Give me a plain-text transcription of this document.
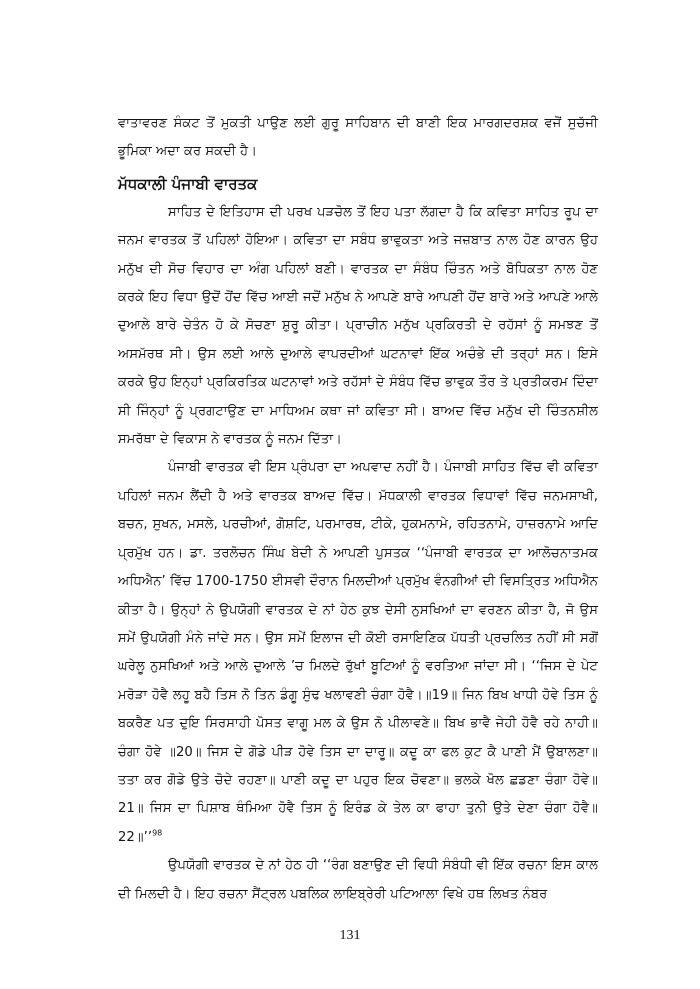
ਵਾਤਾਵਰਣ ਸੰਕਟ ਤੋਂ ਮੁਕਤੀ ਪਾਉਣ ਲਈ ਗੁਰੂ ਸਾਹਿਬਾਨ ਦੀ ਬਾਣੀ ਇਕ ਮਾਰਗਦਰਸ਼ਕ ਵਜੋਂ ਸੁਚੱਜੀ ਭੂਮਿਕਾ ਅਦਾ ਕਰ ਸਕਦੀ ਹੈ।

ਮੱਧਕਾਲੀ ਪੰਜਾਬੀ ਵਾਰਤਕ

ਸਾਹਿਤ ਦੇ ਇਤਿਹਾਸ ਦੀ ਪਰਖ ਪੜਚੋਲ ਤੋਂ ਇਹ ਪਤਾ ਲੱਗਦਾ ਹੈ ਕਿ ਕਵਿਤਾ ਸਾਹਿਤ ਰੂਪ ਦਾ ਜਨਮ ਵਾਰਤਕ ਤੋਂ ਪਹਿਲਾਂ ਹੋਇਆ। ਕਵਿਤਾ ਦਾ ਸਬੰਧ ਭਾਵੁਕਤਾ ਅਤੇ ਜਜ਼ਬਾਤ ਨਾਲ ਹੋਣ ਕਾਰਨ ਉਹ ਮਨੁੱਖ ਦੀ ਸੋਚ ਵਿਹਾਰ ਦਾ ਅੰਗ ਪਹਿਲਾਂ ਬਣੀ। ਵਾਰਤਕ ਦਾ ਸੰਬੰਧ ਚਿੰਤਨ ਅਤੇ ਬੋਧਿਕਤਾ ਨਾਲ ਹੋਣ ਕਰਕੇ ਇਹ ਵਿਧਾ ਉਦੋਂ ਹੋਂਦ ਵਿੱਚ ਆਈ ਜਦੋਂ ਮਨੁੱਖ ਨੇ ਆਪਣੇ ਬਾਰੇ ਆਪਣੀ ਹੋਂਦ ਬਾਰੇ ਅਤੇ ਆਪਣੇ ਆਲੇ ਦੁਆਲੇ ਬਾਰੇ ਚੇਤੰਨ ਹੋ ਕੇ ਸੋਚਣਾ ਸ਼ੁਰੂ ਕੀਤਾ। ਪ੍ਰਾਚੀਨ ਮਨੁੱਖ ਪ੍ਰਕਿਰਤੀ ਦੇ ਰਹੱਸਾਂ ਨੂੰ ਸਮਝਣ ਤੋਂ ਅਸਮੱਰਥ ਸੀ। ਉਸ ਲਈ ਆਲੇ ਦੁਆਲੇ ਵਾਪਰਦੀਆਂ ਘਟਨਾਵਾਂ ਇੱਕ ਅਚੰਭੇ ਦੀ ਤਰ੍ਹਾਂ ਸਨ। ਇਸੇ ਕਰਕੇ ਉਹ ਇਨ੍ਹਾਂ ਪ੍ਰਕਿਰਤਿਕ ਘਟਨਾਵਾਂ ਅਤੇ ਰਹੱਸਾਂ ਦੇ ਸੰਬੰਧ ਵਿੱਚ ਭਾਵੁਕ ਤੌਰ ਤੇ ਪ੍ਰਤੀਕਰਮ ਦਿੰਦਾ ਸੀ ਜਿੰਨ੍ਹਾਂ ਨੂੰ ਪ੍ਰਗਟਾਉਣ ਦਾ ਮਾਧਿਅਮ ਕਥਾ ਜਾਂ ਕਵਿਤਾ ਸੀ। ਬਾਅਦ ਵਿੱਚ ਮਨੁੱਖ ਦੀ ਚਿੰਤਨਸ਼ੀਲ ਸਮਰੱਥਾ ਦੇ ਵਿਕਾਸ ਨੇ ਵਾਰਤਕ ਨੂੰ ਜਨਮ ਦਿੱਤਾ।

ਪੰਜਾਬੀ ਵਾਰਤਕ ਵੀ ਇਸ ਪ੍ਰੰਪਰਾ ਦਾ ਅਪਵਾਦ ਨਹੀਂ ਹੈ। ਪੰਜਾਬੀ ਸਾਹਿਤ ਵਿੱਚ ਵੀ ਕਵਿਤਾ ਪਹਿਲਾਂ ਜਨਮ ਲੈਂਦੀ ਹੈ ਅਤੇ ਵਾਰਤਕ ਬਾਅਦ ਵਿੱਚ। ਮੱਧਕਾਲੀ ਵਾਰਤਕ ਵਿਧਾਵਾਂ ਵਿੱਚ ਜਨਮਸਾਖੀ, ਬਚਨ, ਸੁਖਨ, ਮਸਲੇ, ਪਰਚੀਆਂ, ਗੋਸ਼ਟਿ, ਪਰਮਾਰਥ, ਟੀਕੇ, ਹੁਕਮਨਾਮੇ, ਰਹਿਤਨਾਮੇ, ਹਾਜ਼ਰਨਾਮੇ ਆਦਿ ਪ੍ਰਮੁੱਖ ਹਨ। ਡਾ. ਤਰਲੋਚਨ ਸਿੰਘ ਬੇਦੀ ਨੇ ਆਪਣੀ ਪੁਸਤਕ ‘‘ਪੰਜਾਬੀ ਵਾਰਤਕ ਦਾ ਆਲੋਚਨਾਤਮਕ ਅਧਿਐਨ’ ਵਿੱਚ 1700-1750 ਈਸਵੀ ਦੌਰਾਨ ਮਿਲਦੀਆਂ ਪ੍ਰਮੁੱਖ ਵੰਨਗੀਆਂ ਦੀ ਵਿਸਤ੍ਰਿਤ ਅਧਿਐਨ ਕੀਤਾ ਹੈ। ਉਨ੍ਹਾਂ ਨੇ ਉਪਯੋਗੀ ਵਾਰਤਕ ਦੇ ਨਾਂ ਹੇਠ ਕੁਝ ਦੇਸੀ ਨੁਸਖਿਆਂ ਦਾ ਵਰਣਨ ਕੀਤਾ ਹੈ, ਜੋ ਉਸ ਸਮੇਂ ਉਪਯੋਗੀ ਮੰਨੇ ਜਾਂਦੇ ਸਨ। ਉਸ ਸਮੇਂ ਇਲਾਜ ਦੀ ਕੋਈ ਰਸਾਇਣਿਕ ਪੱਧਤੀ ਪ੍ਰਚਲਿਤ ਨਹੀਂ ਸੀ ਸਗੋਂ ਘਰੇਲੂ ਨੁਸਖਿਆਂ ਅਤੇ ਆਲੇ ਦੁਆਲੇ ’ਚ ਮਿਲਦੇ ਰੁੱਖਾਂ ਬੂਟਿਆਂ ਨੂੰ ਵਰਤਿਆ ਜਾਂਦਾ ਸੀ। ‘‘ਜਿਸ ਦੇ ਪੇਟ ਮਰੋੜਾ ਹੋਵੈ ਲਹੂ ਬਹੈ ਤਿਸ ਨੋ ਤਿਨ ਡੰਗੂ ਸੁੰਢ ਖਲਾਵਣੀ ਚੰਗਾ ਹੋਵੈ।॥19॥ ਜਿਨ ਬਿਖ ਖਾਧੀ ਹੋਵੇ ਤਿਸ ਨੂੰ ਬਕਰੈਣ ਪਤ ਦੁਇ ਸਿਰਸਾਹੀ ਪੋਸਤ ਵਾਗੂ ਮਲ ਕੇ ਉਸ ਨੋ ਪੀਲਾਵਣੇ॥ ਬਿਖ ਭਾਵੈ ਜੇਹੀ ਹੋਵੈ ਰਹੇ ਨਾਹੀ॥ ਚੰਗਾ ਹੋਵੇ ॥20॥ ਜਿਸ ਦੇ ਗੋਡੇ ਪੀੜ ਹੋਵੇ ਤਿਸ ਦਾ ਦਾਰੂ॥ ਕਦੂ ਕਾ ਫਲ ਕੁਟ ਕੈ ਪਾਣੀ ਮੈਂ ਉਬਾਲਣਾ॥ ਤਤਾ ਕਰ ਗੋਡੇ ਉਤੇ ਚੋਦੇ ਰਹਣਾ॥ ਪਾਣੀ ਕਦੂ ਦਾ ਪਹੁਰ ਇਕ ਚੋਵਣਾ॥ ਭਲਕੇ ਖੋਲ ਛਡਣਾ ਚੰਗਾ ਹੋਵੇ॥ 21॥ ਜਿਸ ਦਾ ਪਿਸ਼ਾਬ ਥੰਮਿਆ ਹੋਵੈ ਤਿਸ ਨੂੰ ਇਰੰਡ ਕੇ ਤੇਲ ਕਾ ਫਾਹਾ ਤੁਨੀ ਉਤੇ ਦੇਣਾ ਚੰਗਾ ਹੋਵੈ॥22॥’’$^{98}$

ਉਪਯੋਗੀ ਵਾਰਤਕ ਦੇ ਨਾਂ ਹੇਠ ਹੀ ‘‘ਰੰਗ ਬਣਾਉਣ ਦੀ ਵਿਧੀ ਸੰਬੰਧੀ ਵੀ ਇੱਕ ਰਚਨਾ ਇਸ ਕਾਲ ਦੀ ਮਿਲਦੀ ਹੈ। ਇਹ ਰਚਨਾ ਸੈਂਟ੍ਰਲ ਪਬਲਿਕ ਲਾਇਬ੍ਰੇਰੀ ਪਟਿਆਲਾ ਵਿਖੇ ਹਥ ਲਿਖਤ ਨੰਬਰ

131
